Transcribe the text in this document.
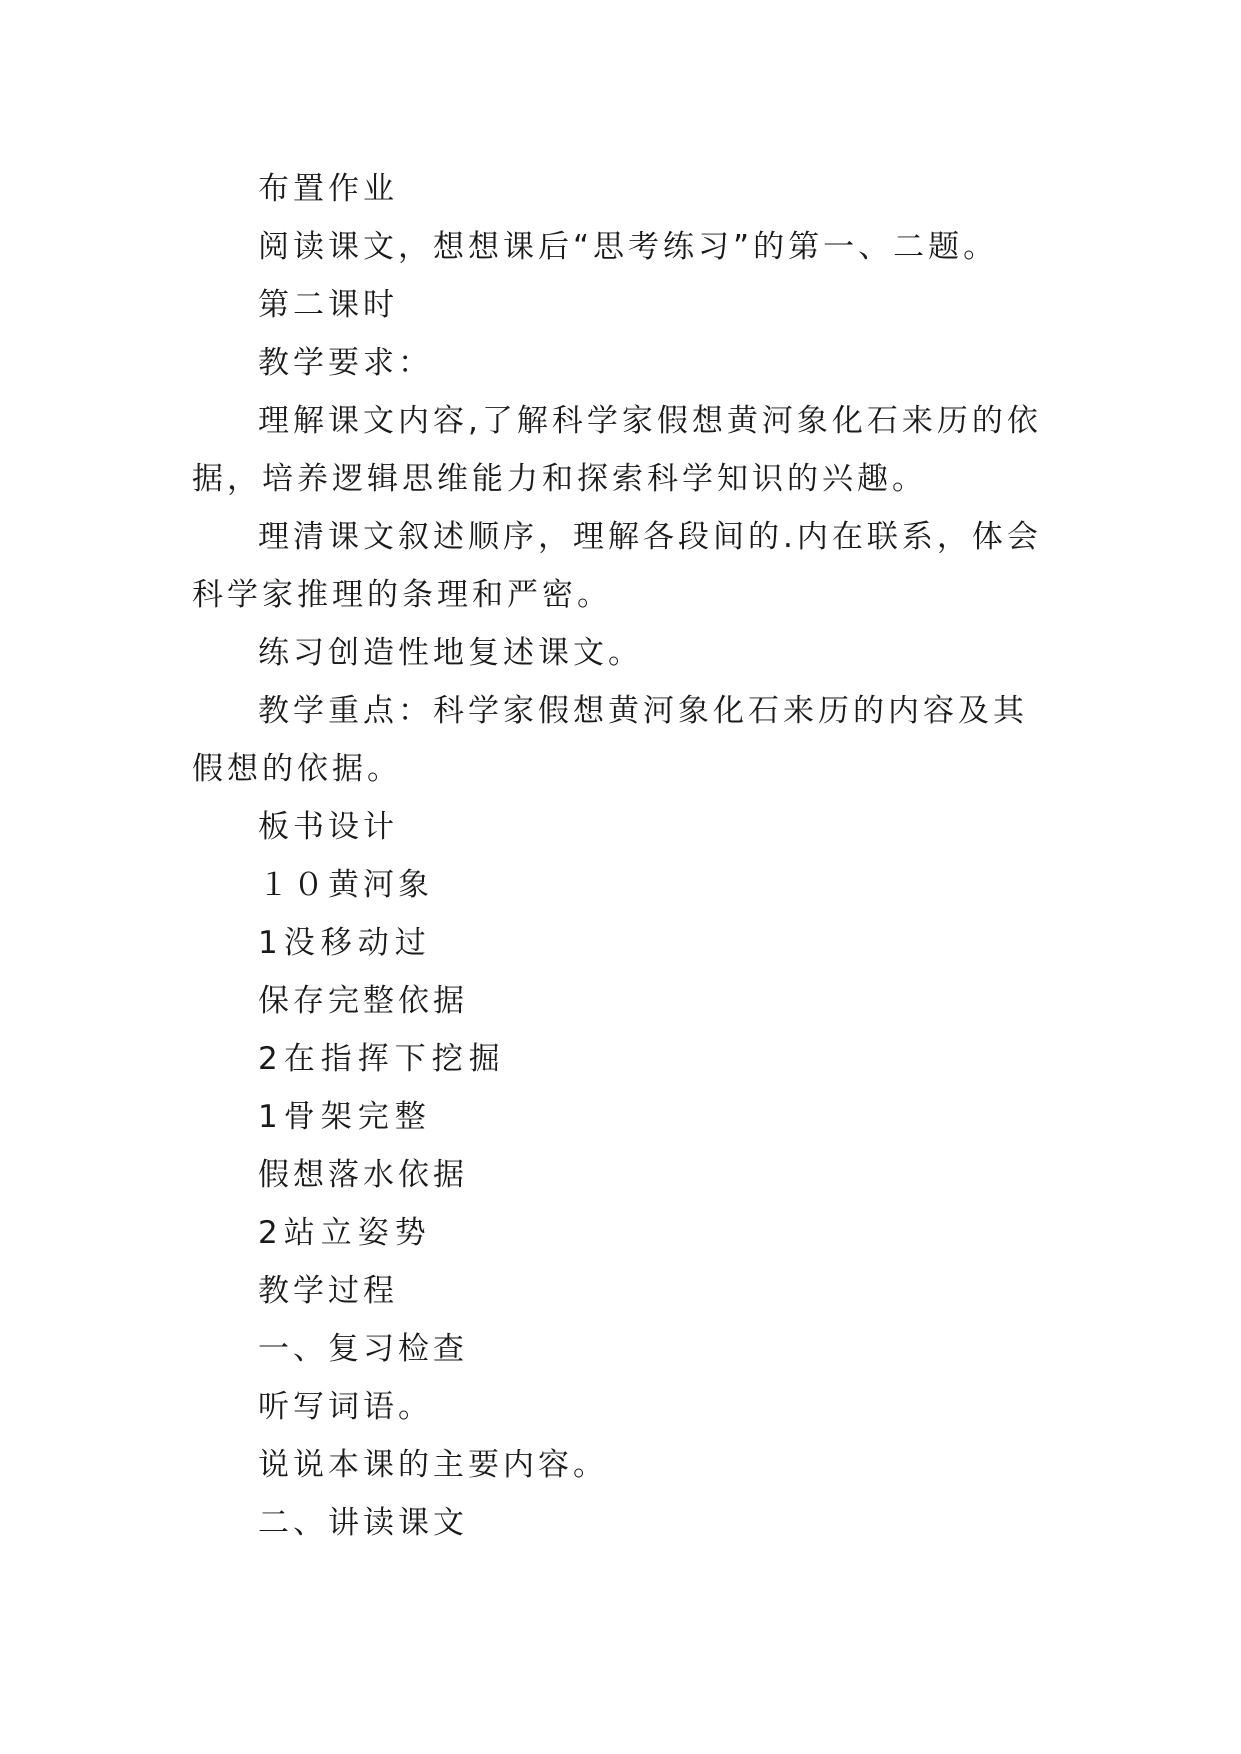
布置作业

阅读课文，想想课后“思考练习”的第一、二题。

第二课时

教学要求：

理解课文内容,了解科学家假想黄河象化石来历的依据，培养逻辑思维能力和探索科学知识的兴趣。

理清课文叙述顺序，理解各段间的.内在联系，体会科学家推理的条理和严密。

练习创造性地复述课文。

教学重点：科学家假想黄河象化石来历的内容及其假想的依据。

板书设计

１０黄河象

1没移动过

保存完整依据

2在指挥下挖掘

1骨架完整

假想落水依据

2站立姿势

教学过程

一、复习检查

听写词语。

说说本课的主要内容。

二、讲读课文
